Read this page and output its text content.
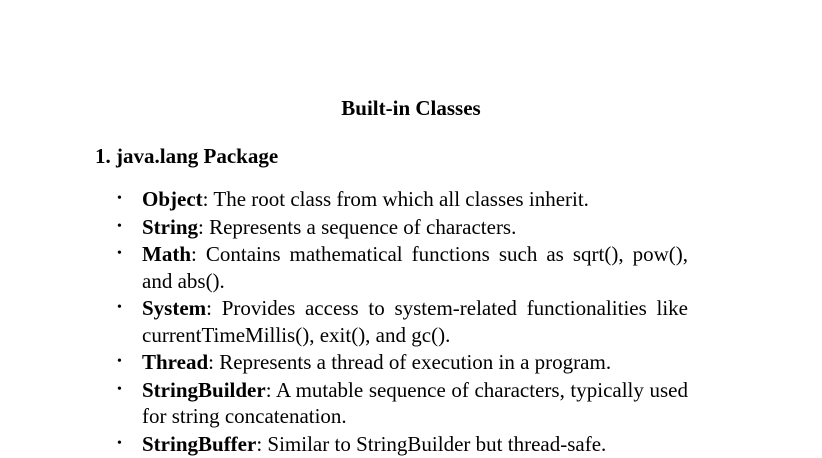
Built-in Classes
1. java.lang Package
• Object: The root class from which all classes inherit.
• String: Represents a sequence of characters.
• Math: Contains mathematical functions such as sqrt(), pow(), and abs().
• System: Provides access to system-related functionalities like currentTimeMillis(), exit(), and gc().
• Thread: Represents a thread of execution in a program.
• StringBuilder: A mutable sequence of characters, typically used for string concatenation.
• StringBuffer: Similar to StringBuilder but thread-safe.
